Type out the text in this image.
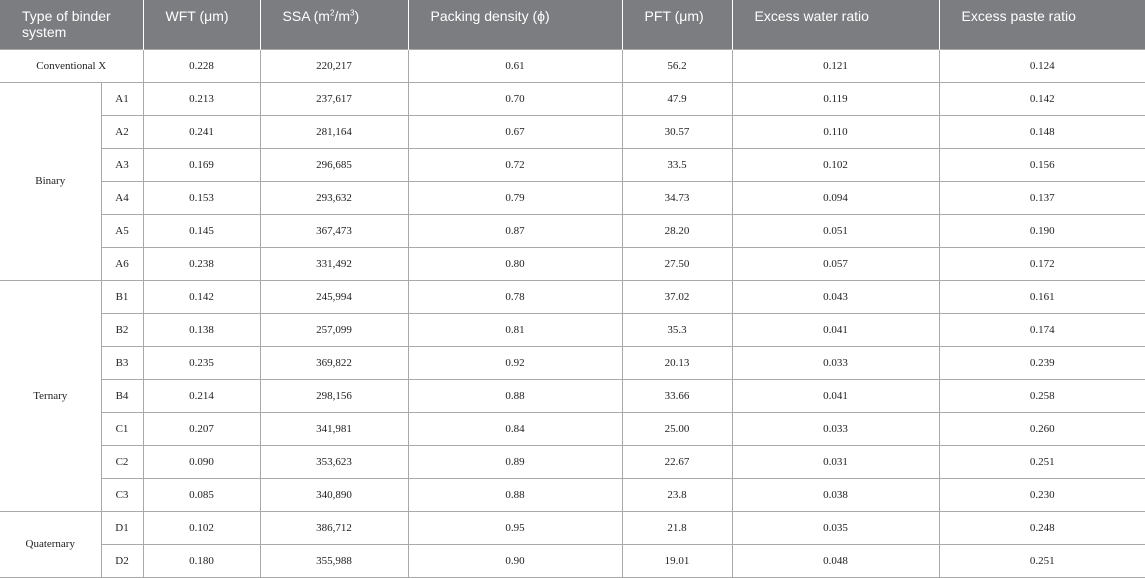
Type of binder system		WFT (μm)	SSA $(m^2/m^3)$	Packing density (ϕ)	PFT (μm)	Excess water ratio	Excess paste ratio
Conventional X		0.228	220,217	0.61	56.2	0.121	0.124
Binary	A1	0.213	237,617	0.70	47.9	0.119	0.142
	A2	0.241	281,164	0.67	30.57	0.110	0.148
	A3	0.169	296,685	0.72	33.5	0.102	0.156
	A4	0.153	293,632	0.79	34.73	0.094	0.137
	A5	0.145	367,473	0.87	28.20	0.051	0.190
	A6	0.238	331,492	0.80	27.50	0.057	0.172
Ternary	B1	0.142	245,994	0.78	37.02	0.043	0.161
	B2	0.138	257,099	0.81	35.3	0.041	0.174
	B3	0.235	369,822	0.92	20.13	0.033	0.239
	B4	0.214	298,156	0.88	33.66	0.041	0.258
	C1	0.207	341,981	0.84	25.00	0.033	0.260
	C2	0.090	353,623	0.89	22.67	0.031	0.251
	C3	0.085	340,890	0.88	23.8	0.038	0.230
Quaternary	D1	0.102	386,712	0.95	21.8	0.035	0.248
	D2	0.180	355,988	0.90	19.01	0.048	0.251
